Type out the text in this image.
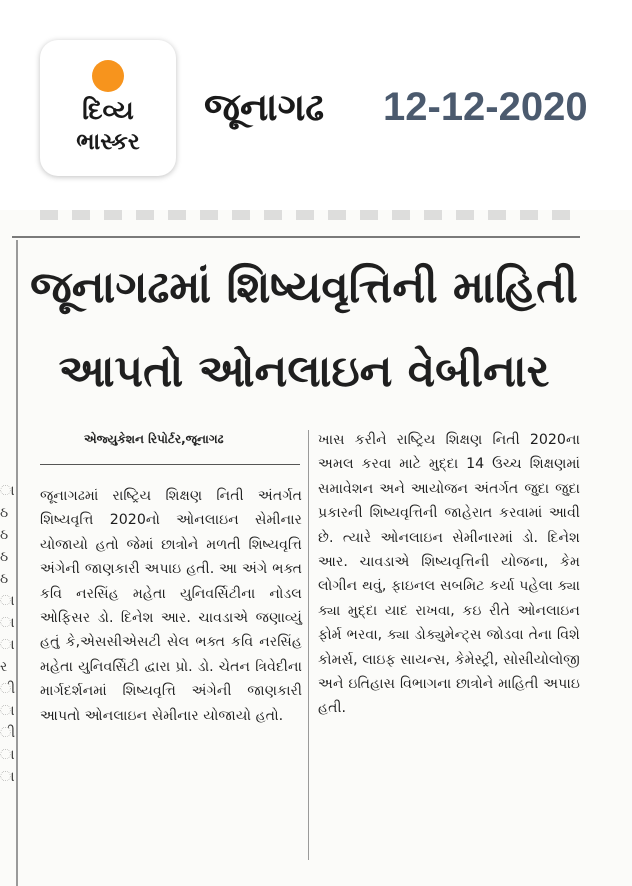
દિવ્ય
ભાસ્કર
જૂનાગઢ 12-12-2020
ા
ઠ
ઠ
ઠ
ઠ
ા
ા
ા
ર
ી
ા
ી
ા
ા
જૂનાગઢમાં શિષ્યવૃત્તિની માહિતી
આપતો ઓનલાઇન વેબીનાર
એજ્યુકેશન રિપોર્ટર,જૂનાગઢ
જૂનાગઢમાં રાષ્ટ્રિય શિક્ષણ નિતી અંતર્ગત શિષ્યવૃત્તિ 2020નો ઓનલાઇન સેમીનાર યોજાયો હતો જેમાં છાત્રોને મળતી શિષ્યવૃત્તિ અંગેની જાણકારી અપાઇ હતી. આ અંગે ભક્ત કવિ નરસિંહ મહેતા યુનિવર્સિટીના નોડલ ઓફિસર ડો. દિનેશ આર. ચાવડાએ જણાવ્યું હતું કે,એસસીએસટી સેલ ભક્ત કવિ નરસિંહ મહેતા યુનિવર્સિટી દ્વારા પ્રો. ડો. ચેતન ત્રિવેદીના માર્ગદર્શનમાં શિષ્યવૃત્તિ અંગેની જાણકારી આપતો ઓનલાઇન સેમીનાર યોજાયો હતો.
ખાસ કરીને રાષ્ટ્રિય શિક્ષણ નિતી 2020ના અમલ કરવા માટે મુદ્દા 14 ઉચ્ચ શિક્ષણમાં સમાવેશન અને આયોજન અંતર્ગત જુદા જુદા પ્રકારની શિષ્યવૃત્તિની જાહેરાત કરવામાં આવી છે. ત્યારે ઓનલાઇન સેમીનારમાં ડો. દિનેશ આર. ચાવડાએ શિષ્યવૃત્તિની યોજના, કેમ લોગીન થવું, ફાઇનલ સબમિટ કર્યા પહેલા ક્યા ક્યા મુદ્દા યાદ રાખવા, કઇ રીતે ઓનલાઇન ફોર્મ ભરવા, ક્યા ડોક્યુમેન્ટ્સ જોડવા તેના વિશે કોમર્સ, લાઇફ સાયન્સ, કેમેસ્ટ્રી, સોસીયોલોજી અને ઇતિહાસ વિભાગના છાત્રોને માહિતી અપાઇ હતી.
